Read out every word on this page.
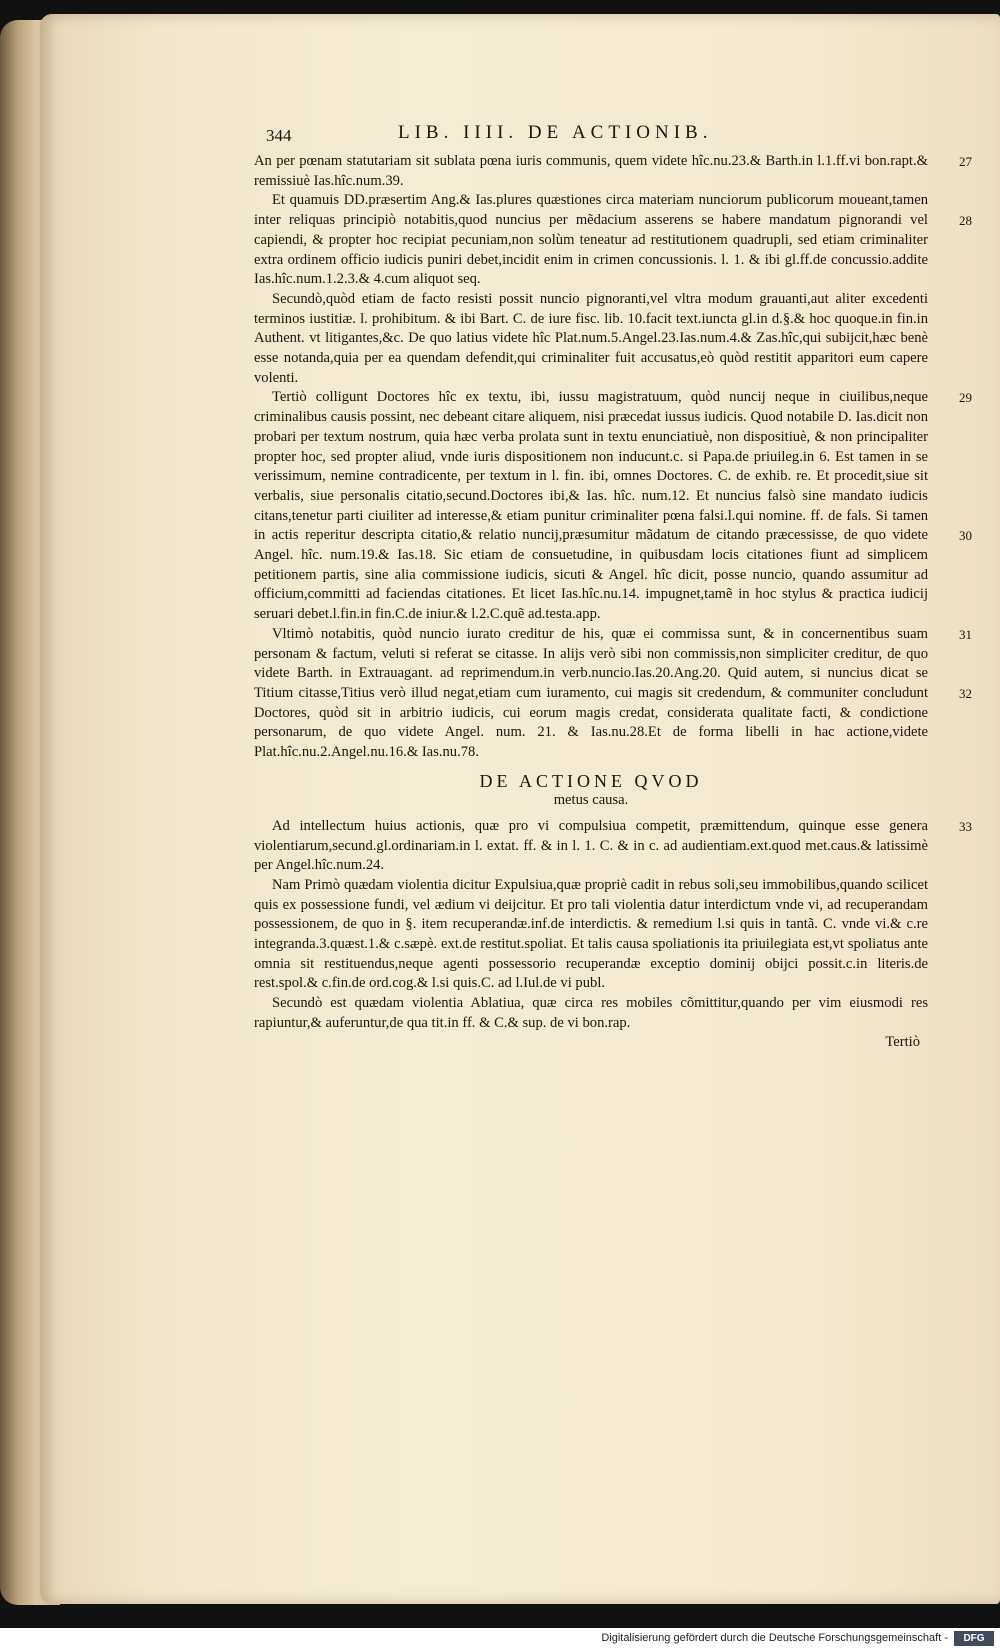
344	LIB. IIII. DE ACTIONIB.

An per pœnam statutariam sit sublata pœna iuris communis, quem videte hîc.nu.23.& Barth.in l.1.ff.vi bon.rapt.& remissiuè Ias.hîc.num.39.
27

Et quamuis DD.præsertim Ang.& Ias.plures quæstiones circa materiam nunciorum publicorum moueant,tamen inter reliquas principiò notabitis,quod nuncius per mẽdacium asserens se habere mandatum pignorandi vel capiendi, & propter hoc recipiat pecuniam,non solùm teneatur ad restitutionem quadrupli, sed etiam criminaliter extra ordinem officio iudicis puniri debet,incidit enim in crimen concussionis. l. 1. & ibi gl.ff.de concussio.addite Ias.hîc.num.1.2.3.& 4.cum aliquot seq.
28

Secundò,quòd etiam de facto resisti possit nuncio pignoranti,vel vltra modum grauanti,aut aliter excedenti terminos iustitiæ. l. prohibitum. & ibi Bart. C. de iure fisc. lib. 10.facit text.iuncta gl.in d.§.& hoc quoque.in fin.in Authent. vt litigantes,&c. De quo latius videte hîc Plat.num.5.Angel.23.Ias.num.4.& Zas.hîc,qui subijcit,hæc benè esse notanda,quia per ea quendam defendit,qui criminaliter fuit accusatus,eò quòd restitit apparitori eum capere volenti.

Tertiò colligunt Doctores hîc ex textu, ibi, iussu magistratuum, quòd nuncij neque in ciuilibus,neque criminalibus causis possint, nec debeant citare aliquem, nisi præcedat iussus iudicis. Quod notabile D. Ias.dicit non probari per textum nostrum, quia hæc verba prolata sunt in textu enunciatiuè, non dispositiuè, & non principaliter propter hoc, sed propter aliud, vnde iuris dispositionem non inducunt.c. si Papa.de priuileg.in 6. Est tamen in se verissimum, nemine contradicente, per textum in l. fin. ibi, omnes Doctores. C. de exhib. re. Et procedit,siue sit verbalis, siue personalis citatio,secund.Doctores ibi,& Ias. hîc. num.12. Et nuncius falsò sine mandato iudicis citans,tenetur parti ciuiliter ad interesse,& etiam punitur criminaliter pœna falsi.l.qui nomine. ff. de fals. Si tamen in actis reperitur descripta citatio,& relatio nuncij,præsumitur mãdatum de citando præcessisse, de quo videte Angel. hîc. num.19.& Ias.18. Sic etiam de consuetudine, in quibusdam locis citationes fiunt ad simplicem petitionem partis, sine alia commissione iudicis, sicuti & Angel. hîc dicit, posse nuncio, quando assumitur ad officium,committi ad faciendas citationes. Et licet Ias.hîc.nu.14. impugnet,tamẽ in hoc stylus & practica iudicij seruari debet.l.fin.in fin.C.de iniur.& l.2.C.quẽ ad.testa.app.
29
30

Vltimò notabitis, quòd nuncio iurato creditur de his, quæ ei commissa sunt, & in concernentibus suam personam & factum, veluti si referat se citasse. In alijs verò sibi non commissis,non simpliciter creditur, de quo videte Barth. in Extrauagant. ad reprimendum.in verb.nuncio.Ias.20.Ang.20. Quid autem, si nuncius dicat se Titium citasse,Titius verò illud negat,etiam cum iuramento, cui magis sit credendum, & communiter concludunt Doctores, quòd sit in arbitrio iudicis, cui eorum magis credat, considerata qualitate facti, & condictione personarum, de quo videte Angel. num. 21. & Ias.nu.28.Et de forma libelli in hac actione,videte Plat.hîc.nu.2.Angel.nu.16.& Ias.nu.78.
31
32

DE ACTIONE QVOD
metus causa.

Ad intellectum huius actionis, quæ pro vi compulsiua competit, præmittendum, quinque esse genera violentiarum,secund.gl.ordinariam.in l. extat. ff. & in l. 1. C. & in c. ad audientiam.ext.quod met.caus.& latissimè per Angel.hîc.num.24.
33

Nam Primò quædam violentia dicitur Expulsiua,quæ propriè cadit in rebus soli,seu immobilibus,quando scilicet quis ex possessione fundi, vel ædium vi deijcitur. Et pro tali violentia datur interdictum vnde vi, ad recuperandam possessionem, de quo in §. item recuperandæ.inf.de interdictis. & remedium l.si quis in tantã. C. vnde vi.& c.re integranda.3.quæst.1.& c.sæpè. ext.de restitut.spoliat. Et talis causa spoliationis ita priuilegiata est,vt spoliatus ante omnia sit restituendus,neque agenti possessorio recuperandæ exceptio dominij obijci possit.c.in literis.de rest.spol.& c.fin.de ord.cog.& l.si quis.C. ad l.Iul.de vi publ.

Secundò est quædam violentia Ablatiua, quæ circa res mobiles cõmittitur,quando per vim eiusmodi res rapiuntur,& auferuntur,de qua tit.in ff. & C.& sup. de vi bon.rap.

Tertiò
Digitalisierung gefördert durch die Deutsche Forschungsgemeinschaft -	DFG
